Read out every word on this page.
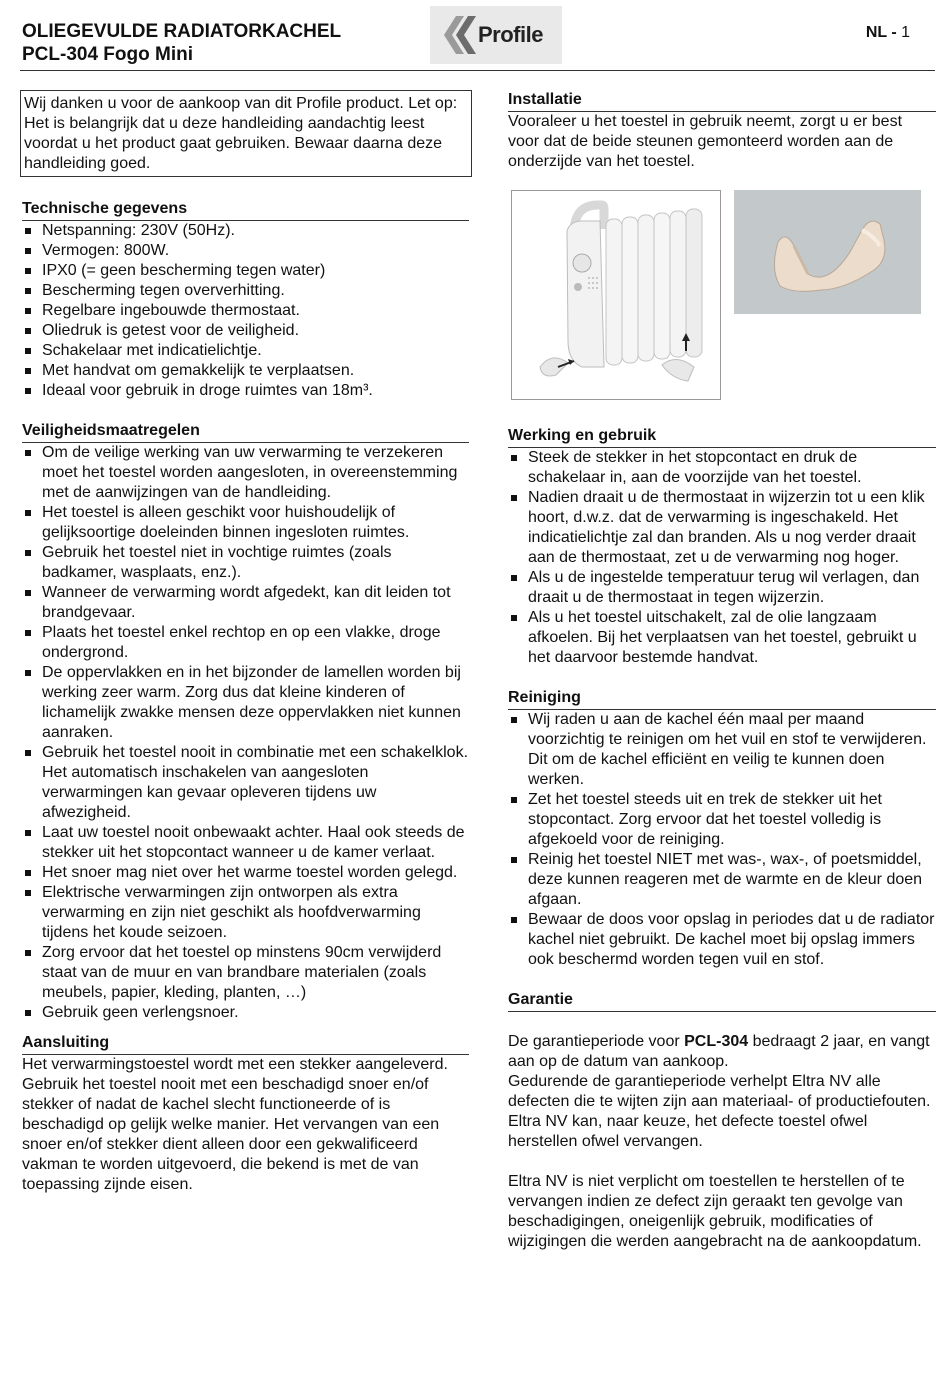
OLIEGEVULDE RADIATORKACHEL
PCL-304 Fogo Mini
Profile	NL - 1
Wij danken u voor de aankoop van dit Profile product. Let op: Het is belangrijk dat u deze handleiding aandachtig leest voordat u het product gaat gebruiken. Bewaar daarna deze handleiding goed.
Technische gegevens
Netspanning: 230V (50Hz).
Vermogen: 800W.
IPX0 (= geen bescherming tegen water)
Bescherming tegen oververhitting.
Regelbare ingebouwde thermostaat.
Oliedruk is getest voor de veiligheid.
Schakelaar met indicatielichtje.
Met handvat om gemakkelijk te verplaatsen.
Ideaal voor gebruik in droge ruimtes van 18m³.
Veiligheidsmaatregelen
Om de veilige werking van uw verwarming te verzekeren moet het toestel worden aangesloten, in overeenstemming met de aanwijzingen van de handleiding.
Het toestel is alleen geschikt voor huishoudelijk of gelijksoortige doeleinden binnen ingesloten ruimtes.
Gebruik het toestel niet in vochtige ruimtes (zoals badkamer, wasplaats, enz.).
Wanneer de verwarming wordt afgedekt, kan dit leiden tot brandgevaar.
Plaats het toestel enkel rechtop en op een vlakke, droge ondergrond.
De oppervlakken en in het bijzonder de lamellen worden bij werking zeer warm. Zorg dus dat kleine kinderen of lichamelijk zwakke mensen deze oppervlakken niet kunnen aanraken.
Gebruik het toestel nooit in combinatie met een schakelklok. Het automatisch inschakelen van aangesloten verwarmingen kan gevaar opleveren tijdens uw afwezigheid.
Laat uw toestel nooit onbewaakt achter. Haal ook steeds de stekker uit het stopcontact wanneer u de kamer verlaat.
Het snoer mag niet over het warme toestel worden gelegd.
Elektrische verwarmingen zijn ontworpen als extra verwarming en zijn niet geschikt als hoofdverwarming tijdens het koude seizoen.
Zorg ervoor dat het toestel op minstens 90cm verwijderd staat van de muur en van brandbare materialen (zoals meubels, papier, kleding, planten, …)
Gebruik geen verlengsnoer.
Aansluiting
Het verwarmingstoestel wordt met een stekker aangeleverd. Gebruik het toestel nooit met een beschadigd snoer en/of stekker of nadat de kachel slecht functioneerde of is beschadigd op gelijk welke manier. Het vervangen van een snoer en/of stekker dient alleen door een gekwalificeerd vakman te worden uitgevoerd, die bekend is met de van toepassing zijnde eisen.
Installatie
Vooraleer u het toestel in gebruik neemt, zorgt u er best voor dat de beide steunen gemonteerd worden aan de onderzijde van het toestel.
Werking en gebruik
Steek de stekker in het stopcontact en druk de schakelaar in, aan de voorzijde van het toestel.
Nadien draait u de thermostaat in wijzerzin tot u een klik hoort, d.w.z. dat de verwarming is ingeschakeld. Het indicatielichtje zal dan branden. Als u nog verder draait aan de thermostaat, zet u de verwarming nog hoger.
Als u de ingestelde temperatuur terug wil verlagen, dan draait u de thermostaat in tegen wijzerzin.
Als u het toestel uitschakelt, zal de olie langzaam afkoelen. Bij het verplaatsen van het toestel, gebruikt u het daarvoor bestemde handvat.
Reiniging
Wij raden u aan de kachel één maal per maand voorzichtig te reinigen om het vuil en stof te verwijderen. Dit om de kachel efficiënt en veilig te kunnen doen werken.
Zet het toestel steeds uit en trek de stekker uit het stopcontact. Zorg ervoor dat het toestel volledig is afgekoeld voor de reiniging.
Reinig het toestel NIET met was-, wax-, of poetsmiddel, deze kunnen reageren met de warmte en de kleur doen afgaan.
Bewaar de doos voor opslag in periodes dat u de radiator kachel niet gebruikt. De kachel moet bij opslag immers ook beschermd worden tegen vuil en stof.
Garantie
De garantieperiode voor PCL-304 bedraagt 2 jaar, en vangt aan op de datum van aankoop.
Gedurende de garantieperiode verhelpt Eltra NV alle defecten die te wijten zijn aan materiaal- of productiefouten. Eltra NV kan, naar keuze, het defecte toestel ofwel herstellen ofwel vervangen.
Eltra NV is niet verplicht om toestellen te herstellen of te vervangen indien ze defect zijn geraakt ten gevolge van beschadigingen, oneigenlijk gebruik, modificaties of wijzigingen die werden aangebracht na de aankoopdatum.
